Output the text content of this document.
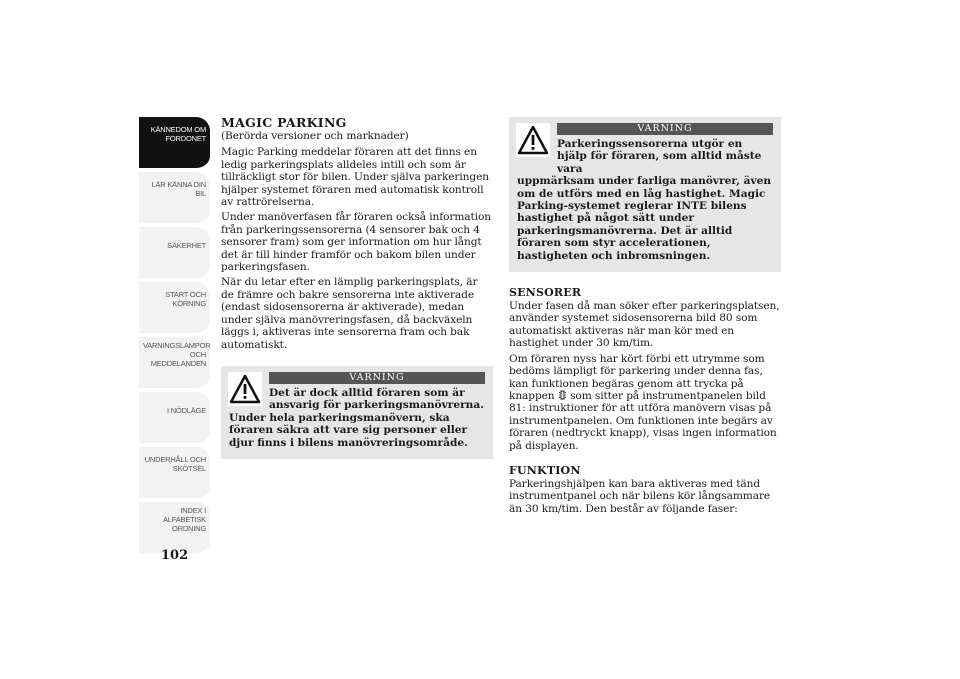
KÄNNEDOM OM
FORDONET
LÄR KÄNNA DIN
BIL
SÄKERHET
START OCH
KÖRNING
VARNINGSLAMPOR
OCH
MEDDELANDEN
I NÖDLÄGE
UNDERHÅLL OCH
SKÖTSEL
INDEX I
ALFABETISK
ORDNING
102
MAGIC PARKING

(Berörda versioner och marknader)

Magic Parking meddelar föraren att det finns en ledig parkeringsplats alldeles intill och som är tillräckligt stor för bilen. Under själva parkeringen hjälper systemet föraren med automatisk kontroll av rattrörelserna.

Under manöverfasen får föraren också information från parkeringssensorerna (4 sensorer bak och 4 sensorer fram) som ger information om hur långt det är till hinder framför och bakom bilen under parkeringsfasen.

När du letar efter en lämplig parkeringsplats, är de främre och bakre sensorerna inte aktiverade (endast sidosensorerna är aktiverade), medan under själva manövreringsfasen, då backväxeln läggs i, aktiveras inte sensorerna fram och bak automatiskt.

VARNING
Det är dock alltid föraren som är ansvarig för parkeringsmanövrerna.
Under hela parkeringsmanövern, ska föraren säkra att vare sig personer eller djur finns i bilens manövreringsområde.
VARNING
Parkeringssensorerna utgör en hjälp för föraren, som alltid måste vara
uppmärksam under farliga manövrer, även om de utförs med en låg hastighet. Magic Parking-systemet reglerar INTE bilens hastighet på något sätt under parkeringsmanövrerna. Det är alltid föraren som styr accelerationen, hastigheten och inbromsningen.
SENSORER

Under fasen då man söker efter parkeringsplatsen, använder systemet sidosensorerna bild 80 som automatiskt aktiveras när man kör med en hastighet under 30 km/tim.

Om föraren nyss har kört förbi ett utrymme som bedöms lämpligt för parkering under denna fas, kan funktionen begäras genom att trycka på knappen som sitter på instrumentpanelen bild 81: instruktioner för att utföra manövern visas på instrumentpanelen. Om funktionen inte begärs av föraren (nedtryckt knapp), visas ingen information på displayen.

FUNKTION

Parkeringshjälpen kan bara aktiveras med tänd instrumentpanel och när bilens kör långsammare än 30 km/tim. Den består av följande faser:
